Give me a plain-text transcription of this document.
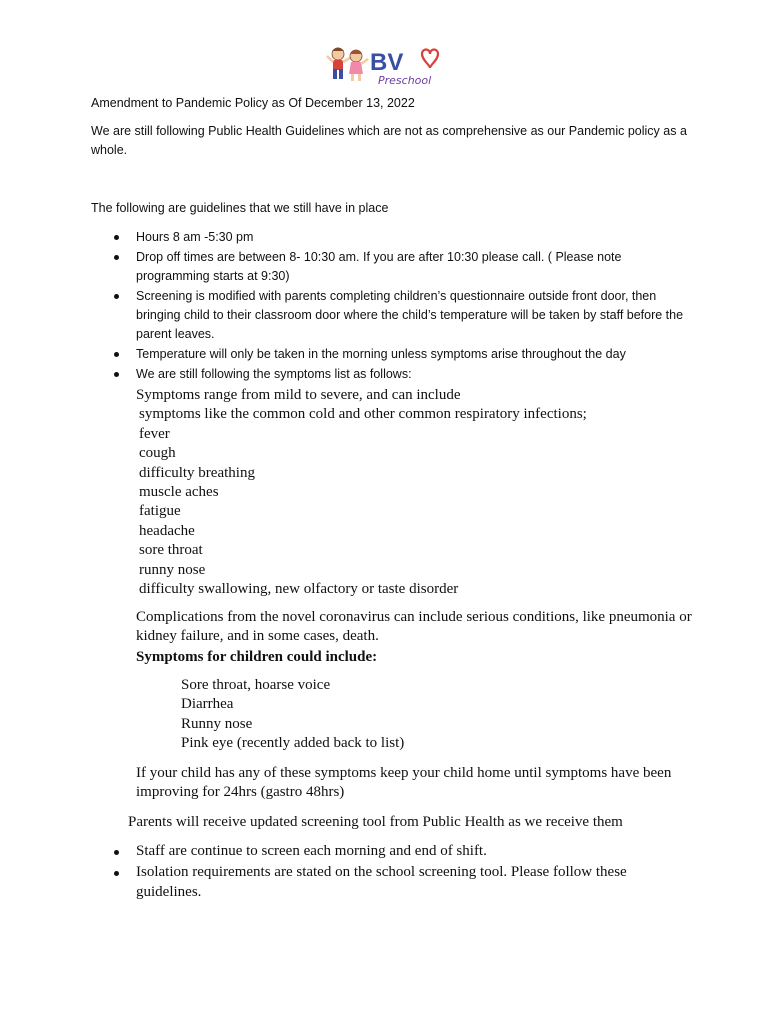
BV
Preschool
Amendment to Pandemic Policy as Of December 13, 2022
We are still following Public Health Guidelines which are not as comprehensive as our Pandemic policy as a whole.
The following are guidelines that we still have in place
Hours 8 am -5:30 pm
Drop off times are between 8- 10:30 am. If you are after 10:30 please call. ( Please note programming starts at 9:30)
Screening is modified with parents completing children’s questionnaire outside front door, then bringing child to their classroom door where the child’s temperature will be taken by staff before the parent leaves.
Temperature will only be taken in the morning unless symptoms arise throughout the day
We are still following the symptoms list as follows:
Symptoms range from mild to severe, and can include
symptoms like the common cold and other common respiratory infections;
fever
cough
difficulty breathing
muscle aches
fatigue
headache
sore throat
runny nose
difficulty swallowing, new olfactory or taste disorder
Complications from the novel coronavirus can include serious conditions, like pneumonia or kidney failure, and in some cases, death.
Symptoms for children could include:
Sore throat, hoarse voice
Diarrhea
Runny nose
Pink eye (recently added back to list)
If your child has any of these symptoms keep your child home until symptoms have been improving for 24hrs (gastro 48hrs)
Parents will receive updated screening tool from Public Health as we receive them
Staff are continue to screen each morning and end of shift.
Isolation requirements are stated on the school screening tool. Please follow these guidelines.
